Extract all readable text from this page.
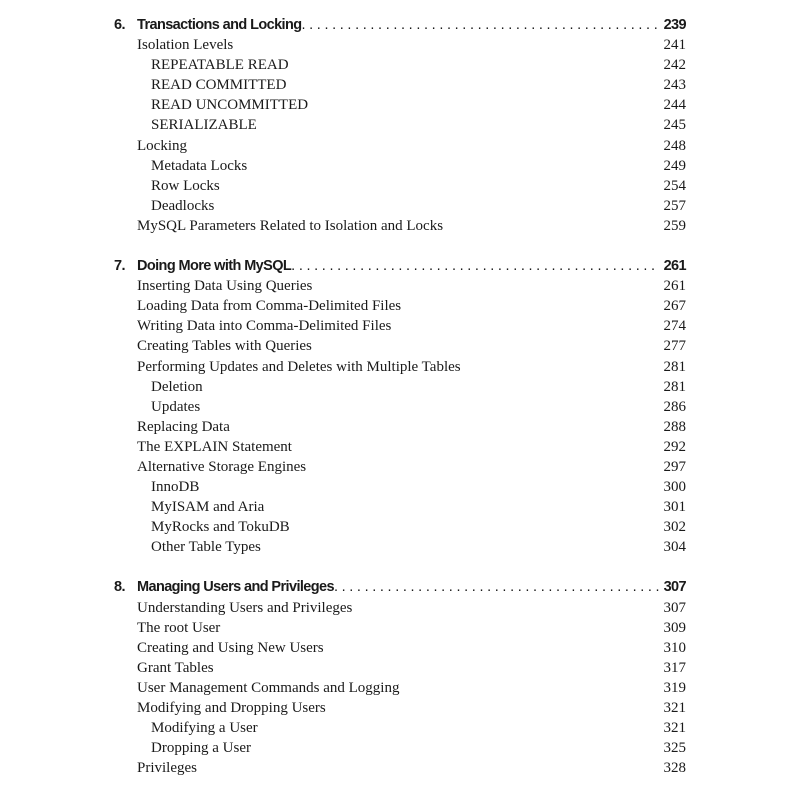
6. Transactions and Locking . . .	239
Isolation Levels	241
REPEATABLE READ	242
READ COMMITTED	243
READ UNCOMMITTED	244
SERIALIZABLE	245
Locking	248
Metadata Locks	249
Row Locks	254
Deadlocks	257
MySQL Parameters Related to Isolation and Locks	259
7. Doing More with MySQL . . .	261
Inserting Data Using Queries	261
Loading Data from Comma-Delimited Files	267
Writing Data into Comma-Delimited Files	274
Creating Tables with Queries	277
Performing Updates and Deletes with Multiple Tables	281
Deletion	281
Updates	286
Replacing Data	288
The EXPLAIN Statement	292
Alternative Storage Engines	297
InnoDB	300
MyISAM and Aria	301
MyRocks and TokuDB	302
Other Table Types	304
8. Managing Users and Privileges . . .	307
Understanding Users and Privileges	307
The root User	309
Creating and Using New Users	310
Grant Tables	317
User Management Commands and Logging	319
Modifying and Dropping Users	321
Modifying a User	321
Dropping a User	325
Privileges	328
